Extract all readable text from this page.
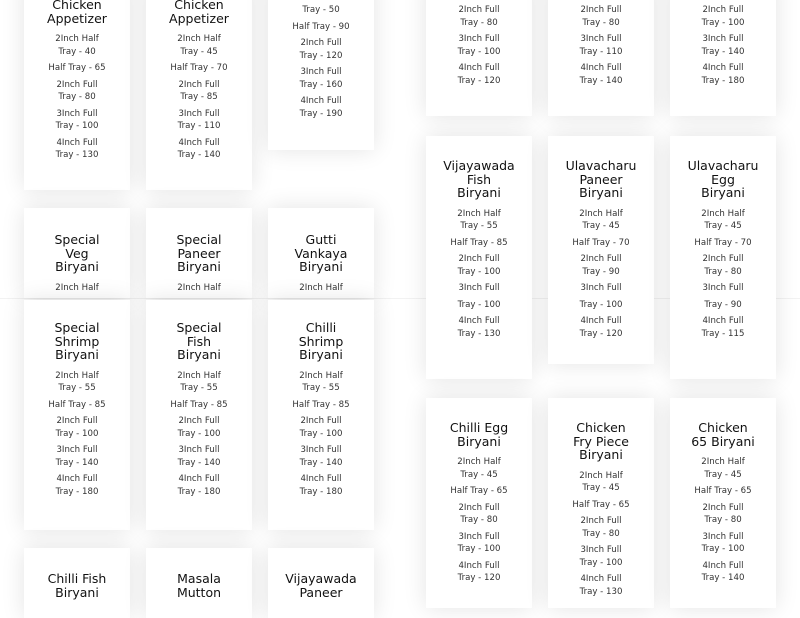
Chicken
Appetizer
2Inch Half
Tray - 40
Half Tray - 65
2Inch Full
Tray - 80
3Inch Full
Tray - 100
4Inch Full
Tray - 130
Chicken
Appetizer
2Inch Half
Tray - 45
Half Tray - 70
2Inch Full
Tray - 85
3Inch Full
Tray - 110
4Inch Full
Tray - 140
Tray - 50
Half Tray - 90
2Inch Full
Tray - 120
3Inch Full
Tray - 160
4Inch Full
Tray - 190
2Inch Full
Tray - 80
3Inch Full
Tray - 100
4Inch Full
Tray - 120
2Inch Full
Tray - 80
3Inch Full
Tray - 110
4Inch Full
Tray - 140
2Inch Full
Tray - 100
3Inch Full
Tray - 140
4Inch Full
Tray - 180
Special
Veg
Biryani
2Inch Half
Special
Paneer
Biryani
2Inch Half
Gutti
Vankaya
Biryani
2Inch Half
Vijayawada
Fish
Biryani
2Inch Half
Tray - 55
Half Tray - 85
2Inch Full
Tray - 100
3Inch Full
Tray - 100
4Inch Full
Tray - 130
Ulavacharu
Paneer
Biryani
2Inch Half
Tray - 45
Half Tray - 70
2Inch Full
Tray - 90
3Inch Full
Tray - 100
4Inch Full
Tray - 120
Ulavacharu
Egg
Biryani
2Inch Half
Tray - 45
Half Tray - 70
2Inch Full
Tray - 80
3Inch Full
Tray - 90
4Inch Full
Tray - 115
Special
Shrimp
Biryani
2Inch Half
Tray - 55
Half Tray - 85
2Inch Full
Tray - 100
3Inch Full
Tray - 140
4Inch Full
Tray - 180
Special
Fish
Biryani
2Inch Half
Tray - 55
Half Tray - 85
2Inch Full
Tray - 100
3Inch Full
Tray - 140
4Inch Full
Tray - 180
Chilli
Shrimp
Biryani
2Inch Half
Tray - 55
Half Tray - 85
2Inch Full
Tray - 100
3Inch Full
Tray - 140
4Inch Full
Tray - 180
Chilli Egg
Biryani
2Inch Half
Tray - 45
Half Tray - 65
2Inch Full
Tray - 80
3Inch Full
Tray - 100
4Inch Full
Tray - 120
Chicken
Fry Piece
Biryani
2Inch Half
Tray - 45
Half Tray - 65
2Inch Full
Tray - 80
3Inch Full
Tray - 100
4Inch Full
Tray - 130
Chicken
65 Biryani
2Inch Half
Tray - 45
Half Tray - 65
2Inch Full
Tray - 80
3Inch Full
Tray - 100
4Inch Full
Tray - 140
Chilli Fish
Biryani
Masala
Mutton
Vijayawada
Paneer
